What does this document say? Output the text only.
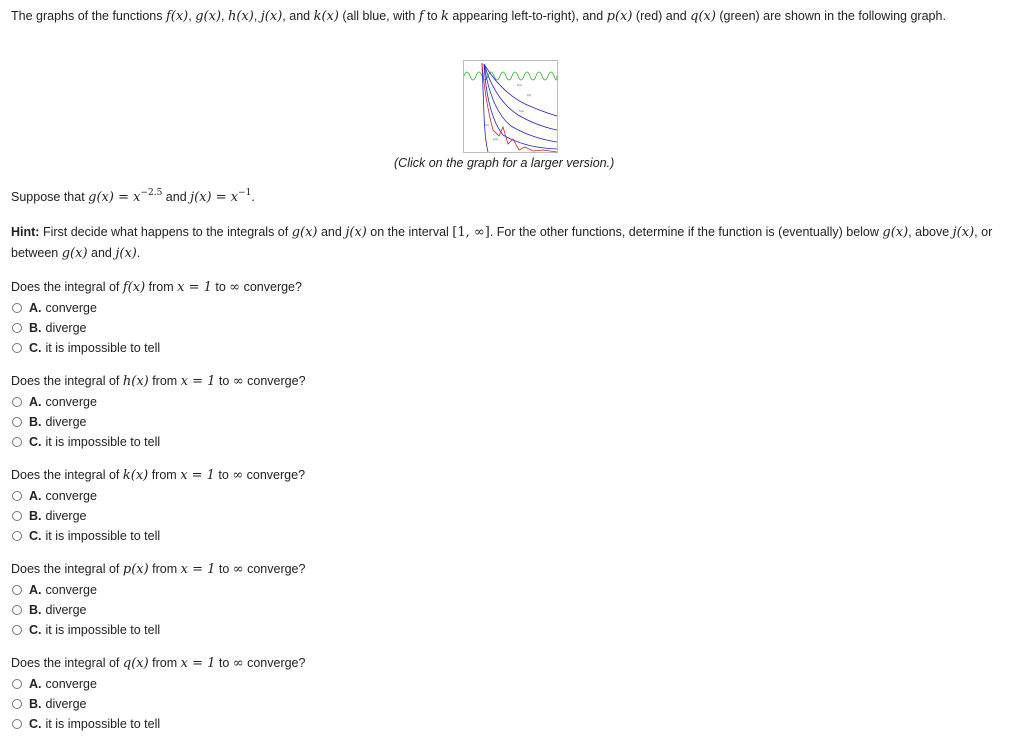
The graphs of the functions f(x), g(x), h(x), j(x), and k(x) (all blue, with f to k appearing left-to-right), and p(x) (red) and q(x) (green) are shown in the following graph.
k(x)
j(x)
h(x)
f(x)
p(x)
(Click on the graph for a larger version.)
Suppose that $g(x) = x^{-2.5}$ and $j(x) = x^{-1}$.
Hint: First decide what happens to the integrals of g(x) and j(x) on the interval [1, ∞]. For the other functions, determine if the function is (eventually) below g(x), above j(x), or between g(x) and j(x).
Does the integral of f(x) from x = 1 to ∞ converge?
A. converge
B. diverge
C. it is impossible to tell
Does the integral of h(x) from x = 1 to ∞ converge?
A. converge
B. diverge
C. it is impossible to tell
Does the integral of k(x) from x = 1 to ∞ converge?
A. converge
B. diverge
C. it is impossible to tell
Does the integral of p(x) from x = 1 to ∞ converge?
A. converge
B. diverge
C. it is impossible to tell
Does the integral of q(x) from x = 1 to ∞ converge?
A. converge
B. diverge
C. it is impossible to tell
